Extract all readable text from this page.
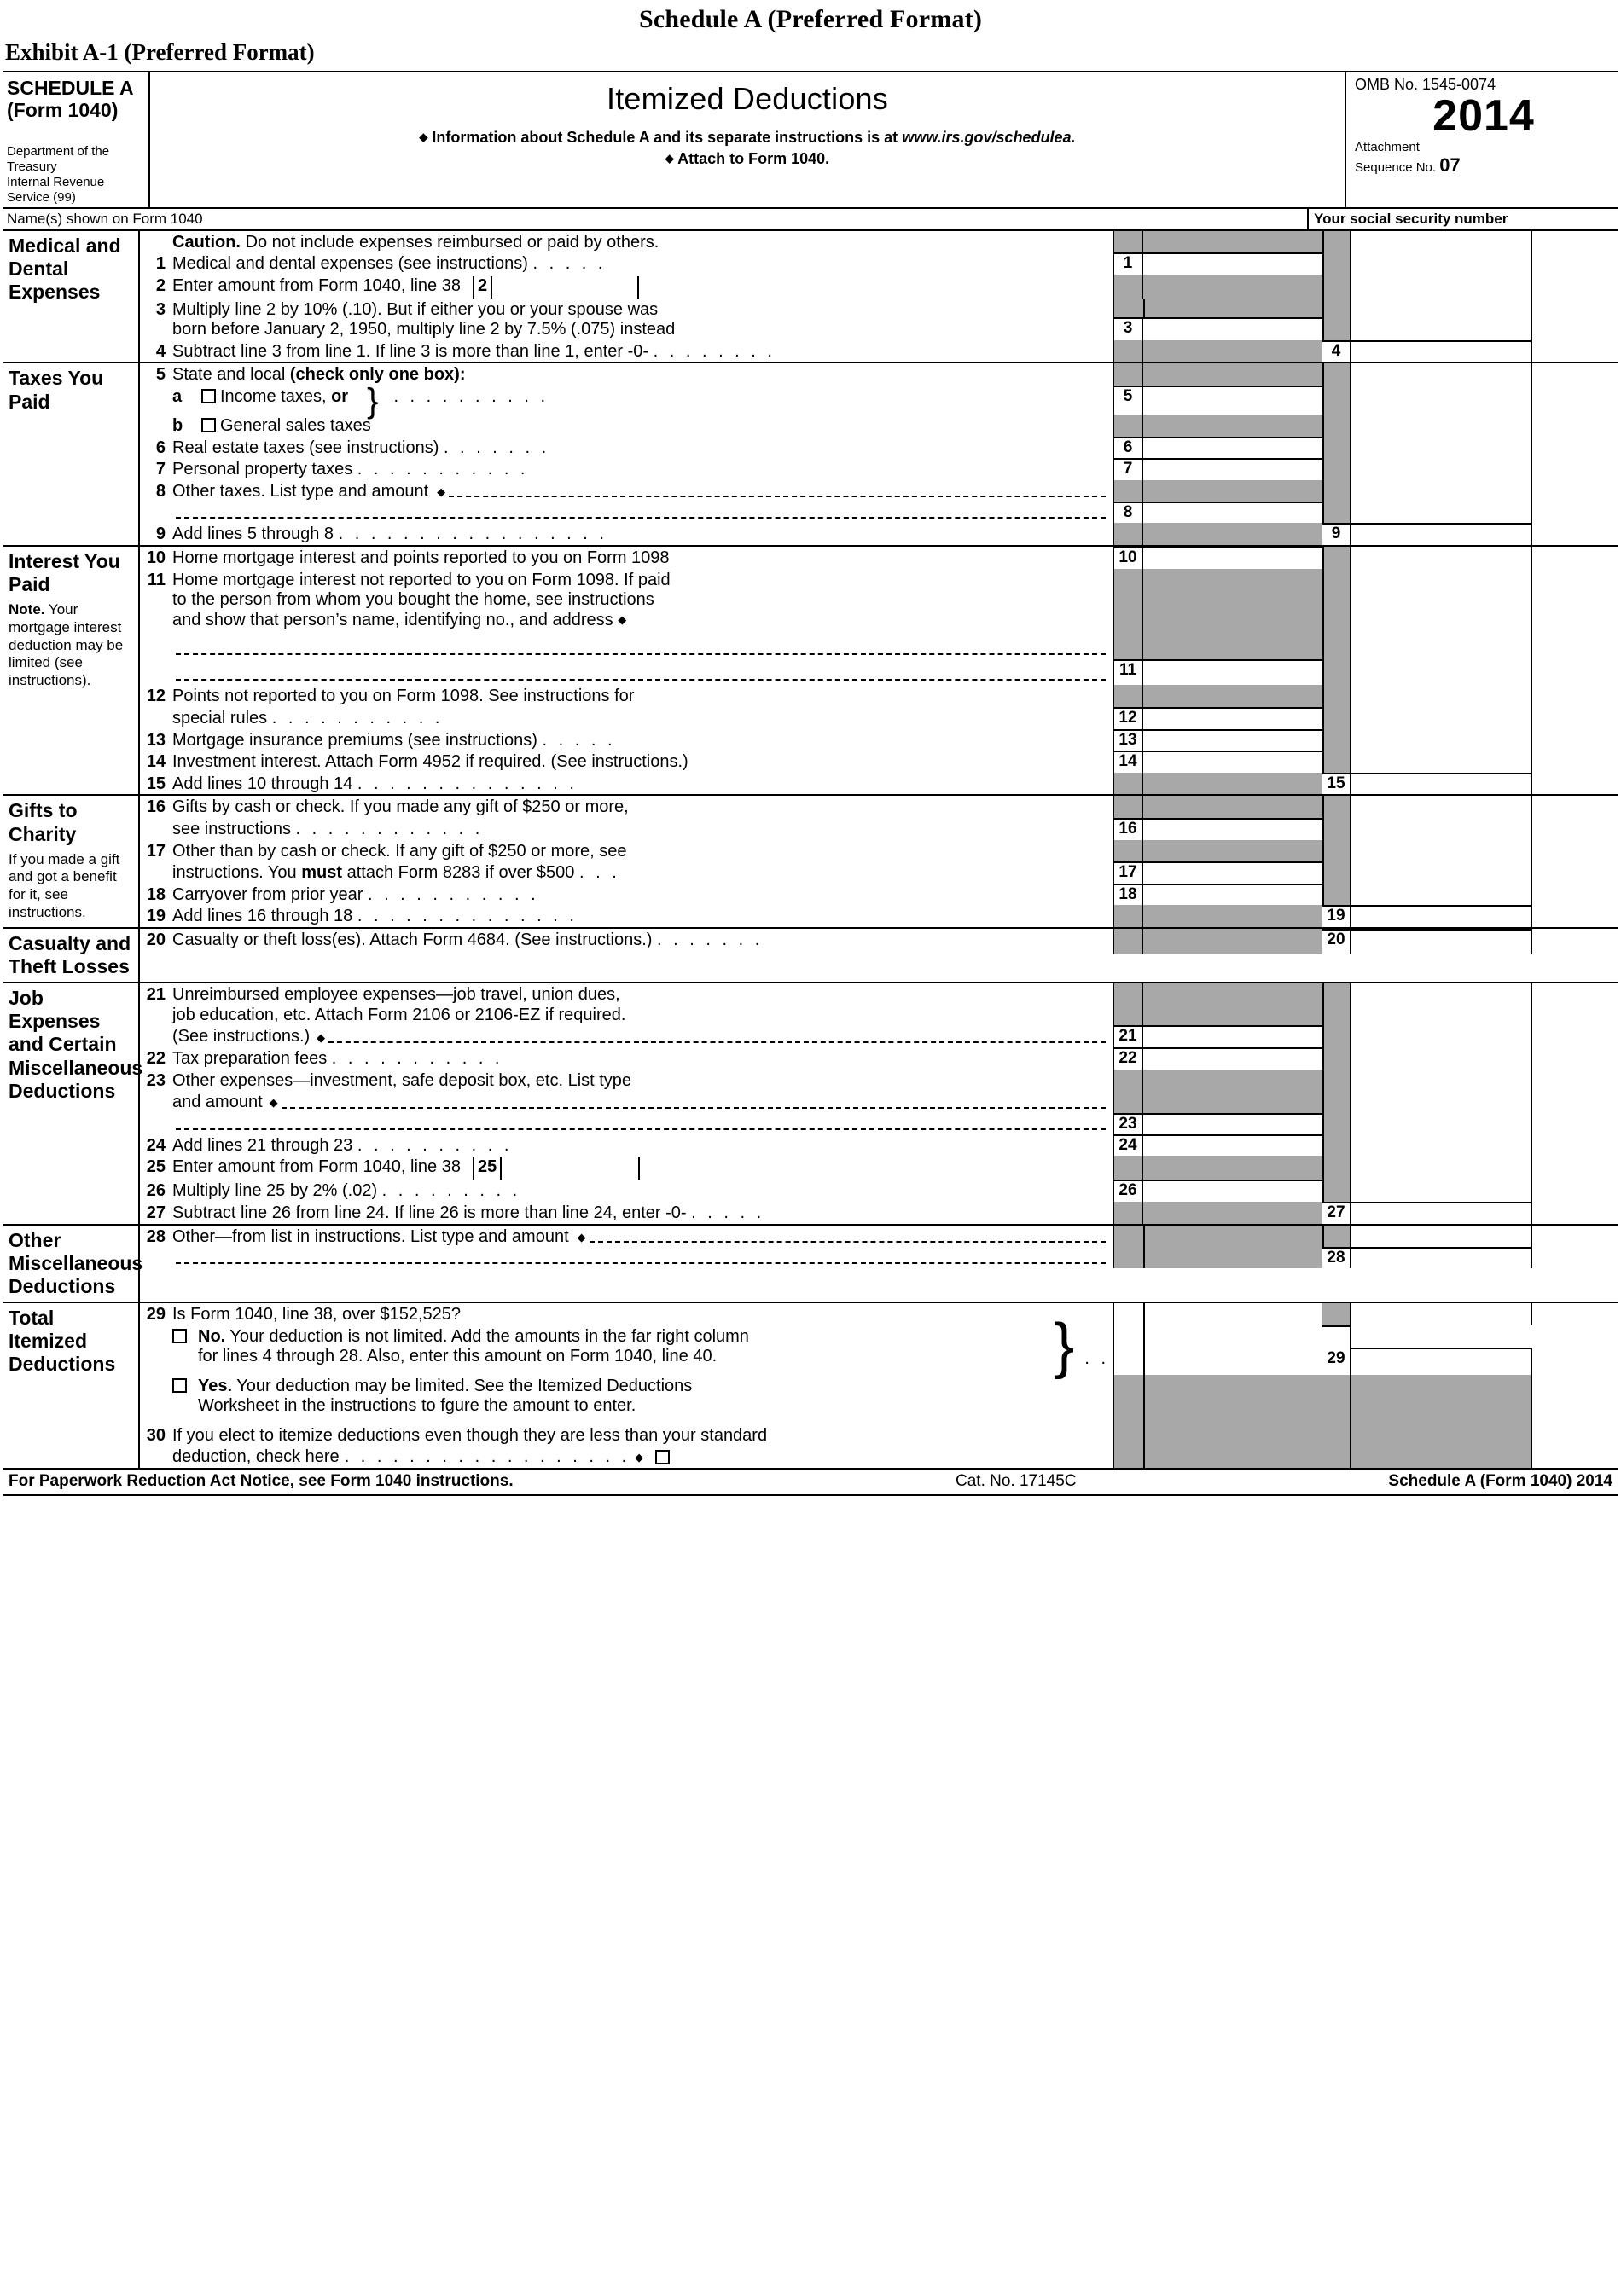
Schedule A (Preferred Format)
Exhibit A-1 (Preferred Format)
SCHEDULE A
(Form 1040)
Department of the Treasury
Internal Revenue Service (99)
Itemized Deductions
◆ Information about Schedule A and its separate instructions is at www.irs.gov/schedulea.
◆ Attach to Form 1040.
OMB No. 1545-0074
2014
Attachment
Sequence No. 07
Name(s) shown on Form 1040	Your social security number
Medical and Dental Expenses
Caution. Do not include expenses reimbursed or paid by others.
1 Medical and dental expenses (see instructions) . . . . .	1
2 Enter amount from Form 1040, line 38	2
3 Multiply line 2 by 10% (.10). But if either you or your spouse was
born before January 2, 1950, multiply line 2 by 7.5% (.075) instead	3
4 Subtract line 3 from line 1. If line 3 is more than line 1, enter -0- . . . . . . . .	4
Taxes You Paid
5 State and local (check only one box):
a	Income taxes, or } . . . . . . . . . .	5
b	General sales taxes
6 Real estate taxes (see instructions) . . . . . . .	6
7 Personal property taxes . . . . . . . . . . .	7
8 Other taxes. List type and amount ◆
8
9 Add lines 5 through 8 . . . . . . . . . . . . . . . . .	9
Interest You Paid
Note. Your mortgage interest deduction may be limited (see instructions).
10 Home mortgage interest and points reported to you on Form 1098	10
11 Home mortgage interest not reported to you on Form 1098. If paid
to the person from whom you bought the home, see instructions
and show that person’s name, identifying no., and address ◆
11
12 Points not reported to you on Form 1098. See instructions for
special rules . . . . . . . . . . .	12
13 Mortgage insurance premiums (see instructions) . . . . .	13
14 Investment interest. Attach Form 4952 if required. (See instructions.)	14
15 Add lines 10 through 14 . . . . . . . . . . . . . .	15
Gifts to Charity
If you made a gift and got a benefit for it, see instructions.
16 Gifts by cash or check. If you made any gift of $250 or more,
see instructions . . . . . . . . . . . .	16
17 Other than by cash or check. If any gift of $250 or more, see
instructions. You must attach Form 8283 if over $500 . . .	17
18 Carryover from prior year . . . . . . . . . . .	18
19 Add lines 16 through 18 . . . . . . . . . . . . . .	19
Casualty and Theft Losses
20 Casualty or theft loss(es). Attach Form 4684. (See instructions.) . . . . . . .	20
Job Expenses and Certain Miscellaneous Deductions
21 Unreimbursed employee expenses—job travel, union dues,
job education, etc. Attach Form 2106 or 2106-EZ if required.
(See instructions.) ◆	21
22 Tax preparation fees . . . . . . . . . . .	22
23 Other expenses—investment, safe deposit box, etc. List type
and amount ◆
23
24 Add lines 21 through 23 . . . . . . . . . .	24
25 Enter amount from Form 1040, line 38	25
26 Multiply line 25 by 2% (.02) . . . . . . . . .	26
27 Subtract line 26 from line 24. If line 26 is more than line 24, enter -0- . . . . .	27
Other Miscellaneous Deductions
28 Other—from list in instructions. List type and amount ◆
28
Total Itemized Deductions
29 Is Form 1040, line 38, over $152,525?
No. Your deduction is not limited. Add the amounts in the far right column
for lines 4 through 28. Also, enter this amount on Form 1040, line 40.	} . .	29
Yes. Your deduction may be limited. See the Itemized Deductions
Worksheet in the instructions to fgure the amount to enter.
30 If you elect to itemize deductions even though they are less than your standard
deduction, check here . . . . . . . . . . . . . . . . . . ◆
For Paperwork Reduction Act Notice, see Form 1040 instructions.	Cat. No. 17145C	Schedule A (Form 1040) 2014
